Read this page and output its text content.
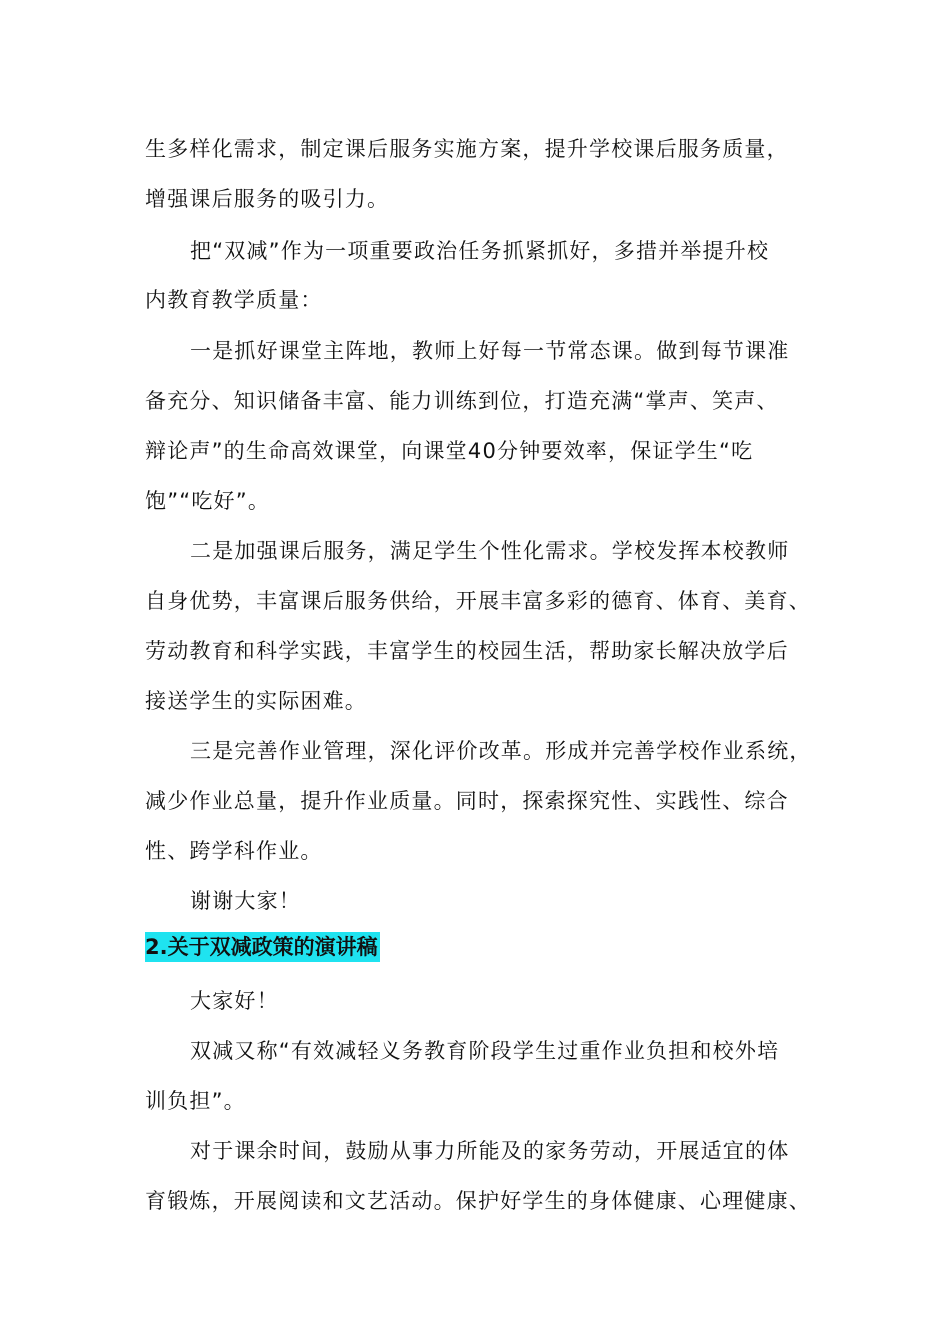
生多样化需求，制定课后服务实施方案，提升学校课后服务质量，
增强课后服务的吸引力。
把“双减”作为一项重要政治任务抓紧抓好，多措并举提升校
内教育教学质量：
一是抓好课堂主阵地，教师上好每一节常态课。做到每节课准
备充分、知识储备丰富、能力训练到位，打造充满“掌声、笑声、
辩论声”的生命高效课堂，向课堂40分钟要效率，保证学生“吃
饱”“吃好”。
二是加强课后服务，满足学生个性化需求。学校发挥本校教师
自身优势，丰富课后服务供给，开展丰富多彩的德育、体育、美育、
劳动教育和科学实践，丰富学生的校园生活，帮助家长解决放学后
接送学生的实际困难。
三是完善作业管理，深化评价改革。形成并完善学校作业系统，
减少作业总量，提升作业质量。同时，探索探究性、实践性、综合
性、跨学科作业。
谢谢大家！
2.关于双减政策的演讲稿
大家好！
双减又称“有效减轻义务教育阶段学生过重作业负担和校外培
训负担”。
对于课余时间，鼓励从事力所能及的家务劳动，开展适宜的体
育锻炼，开展阅读和文艺活动。保护好学生的身体健康、心理健康、
